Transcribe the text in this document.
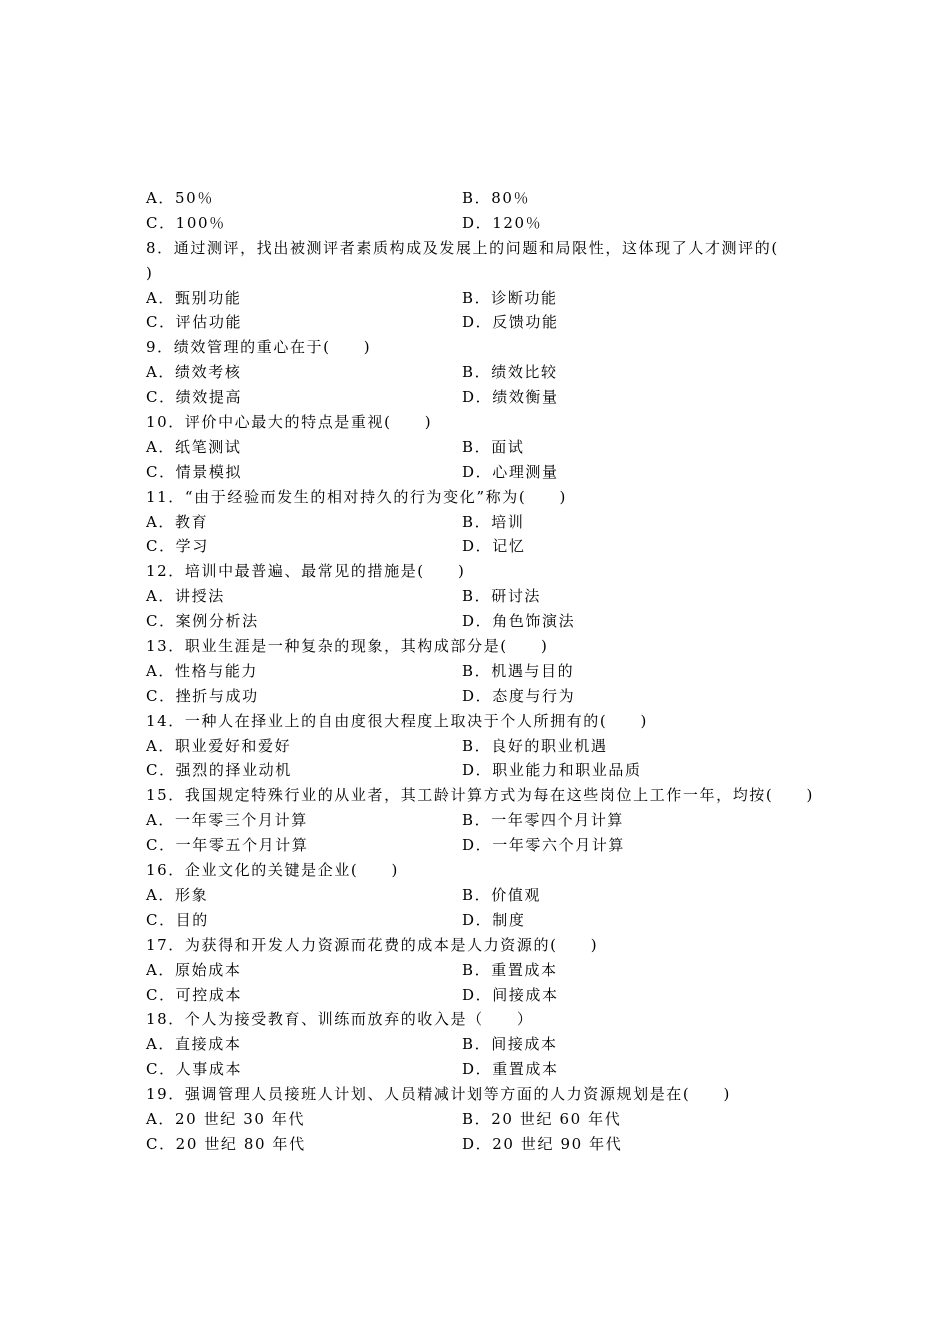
A．50％	B．80％
C．100％	D．120％
8．通过测评，找出被测评者素质构成及发展上的问题和局限性，这体现了人才测评的(
)
A．甄别功能	B．诊断功能
C．评估功能	D．反馈功能
9．绩效管理的重心在于(　　)
A．绩效考核	B．绩效比较
C．绩效提高	D．绩效衡量
10．评价中心最大的特点是重视(　　)
A．纸笔测试	B．面试
C．情景模拟	D．心理测量
11．“由于经验而发生的相对持久的行为变化”称为(　　)
A．教育	B．培训
C．学习	D．记忆
12．培训中最普遍、最常见的措施是(　　)
A．讲授法	B．研讨法
C．案例分析法	D．角色饰演法
13．职业生涯是一种复杂的现象，其构成部分是(　　)
A．性格与能力	B．机遇与目的
C．挫折与成功	D．态度与行为
14．一种人在择业上的自由度很大程度上取决于个人所拥有的(　　)
A．职业爱好和爱好	B．良好的职业机遇
C．强烈的择业动机	D．职业能力和职业品质
15．我国规定特殊行业的从业者，其工龄计算方式为每在这些岗位上工作一年，均按(　　)
A．一年零三个月计算	B．一年零四个月计算
C．一年零五个月计算	D．一年零六个月计算
16．企业文化的关键是企业(　　)
A．形象	B．价值观
C．目的	D．制度
17．为获得和开发人力资源而花费的成本是人力资源的(　　)
A．原始成本	B．重置成本
C．可控成本	D．间接成本
18．个人为接受教育、训练而放弃的收入是（　　）
A．直接成本	B．间接成本
C．人事成本	D．重置成本
19．强调管理人员接班人计划、人员精减计划等方面的人力资源规划是在(　　)
A．20 世纪 30 年代	B．20 世纪 60 年代
C．20 世纪 80 年代	D．20 世纪 90 年代
